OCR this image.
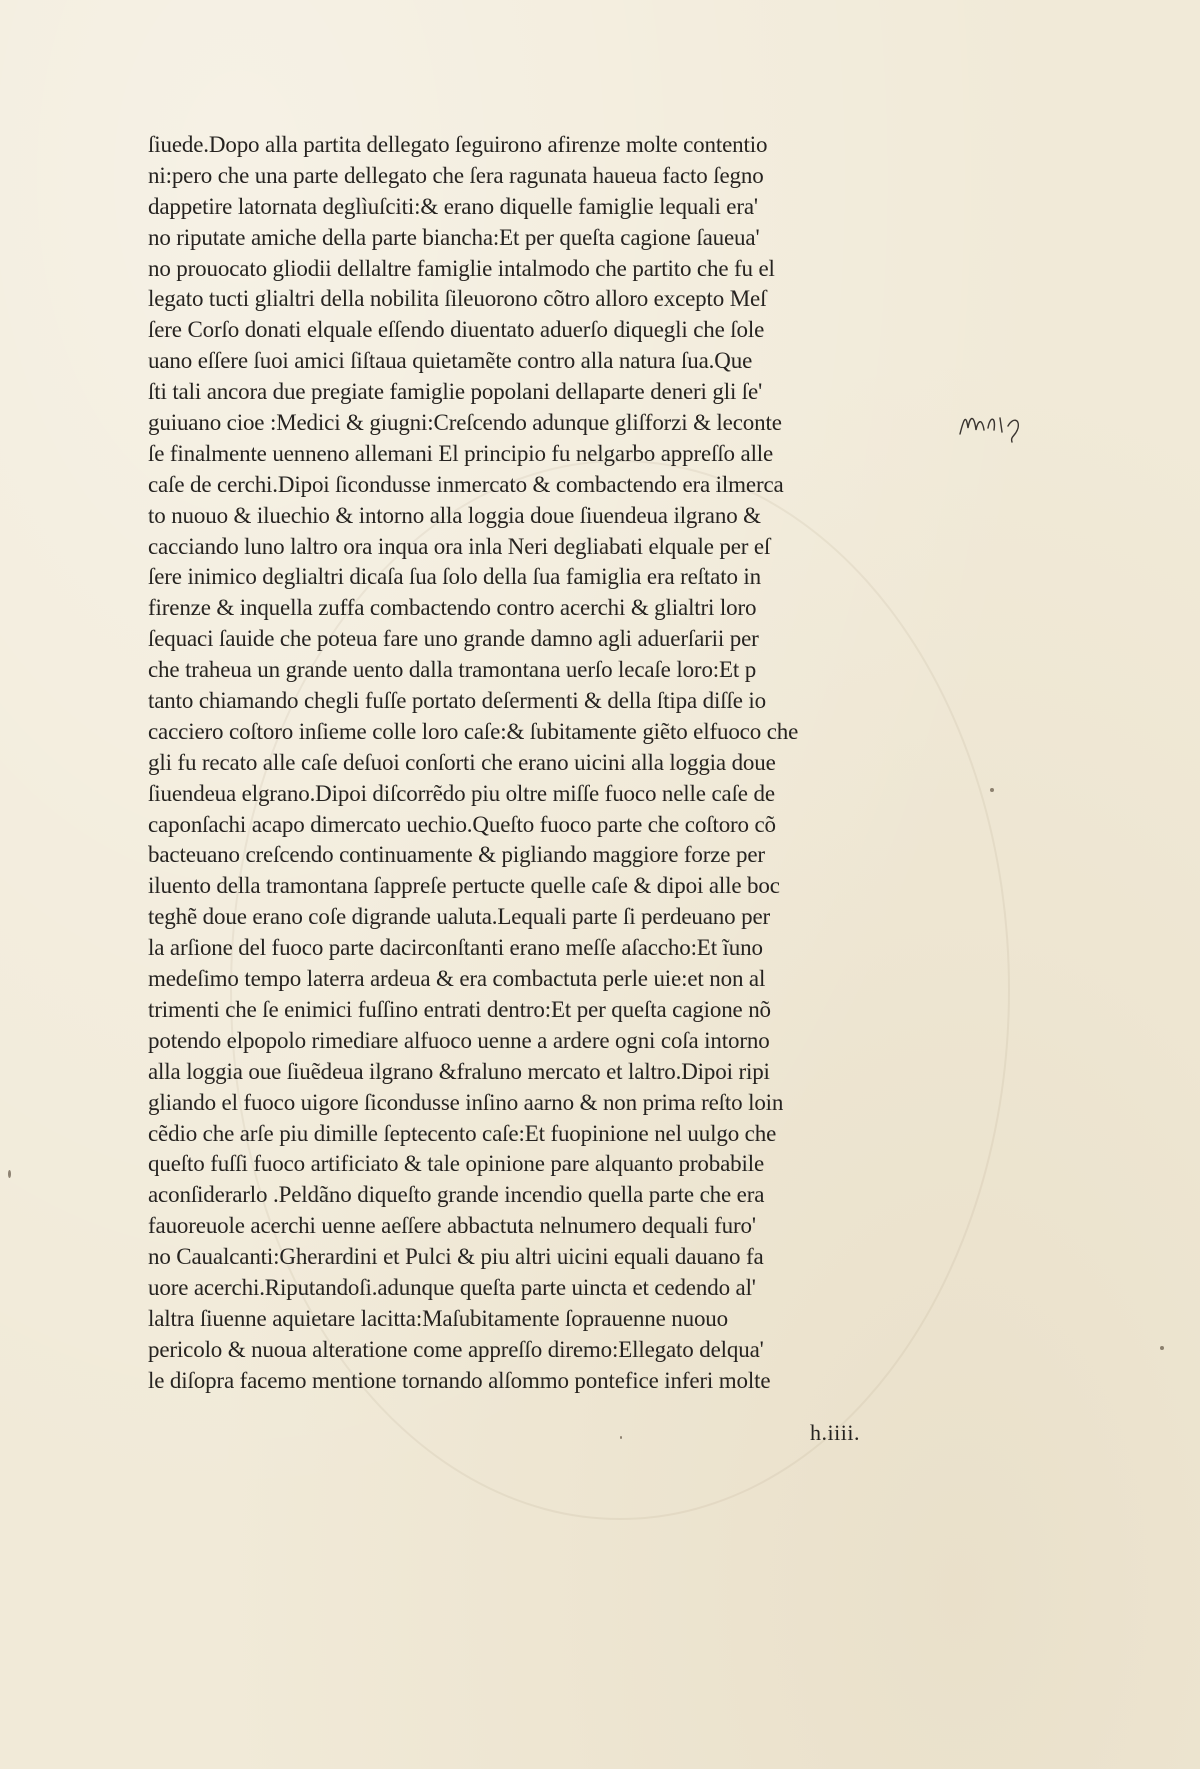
ſiuede.Dopo alla partita dellegato ſeguirono afirenze molte contentio
ni:pero che una parte dellegato che ſera ragunata haueua facto ſegno
dappetire latornata deglìuſciti:& erano diquelle famiglie lequali era'
no riputate amiche della parte biancha:Et per queſta cagione ſaueua'
no prouocato gliodii dellaltre famiglie intalmodo che partito che fu el
legato tucti glialtri della nobilita ſileuorono cõtro alloro excepto Meſ
ſere Corſo donati elquale eſſendo diuentato aduerſo diquegli che ſole
uano eſſere ſuoi amici ſiſtaua quietamẽte contro alla natura ſua.Que
ſti tali ancora due pregiate famiglie popolani dellaparte deneri gli ſe'
guiuano cioe :Medici & giugni:Creſcendo adunque gliſforzi & leconte
ſe finalmente uenneno allemani El principio fu nelgarbo appreſſo alle
caſe de cerchi.Dipoi ſicondusse inmercato & combactendo era ilmerca
to nuouo & iluechio & intorno alla loggia doue ſiuendeua ilgrano &
cacciando luno laltro ora inqua ora inla Neri degliabati elquale per eſ
ſere inimico deglialtri dicaſa ſua ſolo della ſua famiglia era reſtato in
firenze & inquella zuffa combactendo contro acerchi & glialtri loro
ſequaci ſauide che poteua fare uno grande damno agli aduerſarii per
che traheua un grande uento dalla tramontana uerſo lecaſe loro:Et p
tanto chiamando chegli fuſſe portato deſermenti & della ſtipa diſſe io
cacciero coſtoro inſieme colle loro caſe:& ſubitamente giẽto elfuoco che
gli fu recato alle caſe deſuoi conſorti che erano uicini alla loggia doue
ſiuendeua elgrano.Dipoi diſcorrẽdo piu oltre miſſe fuoco nelle caſe de
caponſachi acapo dimercato uechio.Queſto fuoco parte che coſtoro cõ
bacteuano creſcendo continuamente & pigliando maggiore forze per
iluento della tramontana ſappreſe pertucte quelle caſe & dipoi alle boc
teghẽ doue erano coſe digrande ualuta.Lequali parte ſi perdeuano per
la arſione del fuoco parte dacirconſtanti erano meſſe aſaccho:Et ĩuno
medeſimo tempo laterra ardeua & era combactuta perle uie:et non al
trimenti che ſe enimici fuſſino entrati dentro:Et per queſta cagione nõ
potendo elpopolo rimediare alfuoco uenne a ardere ogni coſa intorno
alla loggia oue ſiuẽdeua ilgrano &fraluno mercato et laltro.Dipoi ripi
gliando el fuoco uigore ſicondusse inſino aarno & non prima reſto loin
cẽdio che arſe piu dimille ſeptecento caſe:Et fuopinione nel uulgo che
queſto fuſſi fuoco artificiato & tale opinione pare alquanto probabile
aconſiderarlo .Peldãno diqueſto grande incendio quella parte che era
fauoreuole acerchi uenne aeſſere abbactuta nelnumero dequali furo'
no Caualcanti:Gherardini et Pulci & piu altri uicini equali dauano fa
uore acerchi.Riputandoſi.adunque queſta parte uincta et cedendo al'
laltra ſiuenne aquietare lacitta:Maſubitamente ſoprauenne nuouo
pericolo & nuoua alteratione come appreſſo diremo:Ellegato delqua'
le diſopra facemo mentione tornando alſommo pontefice inferi molte
h.iiii.
